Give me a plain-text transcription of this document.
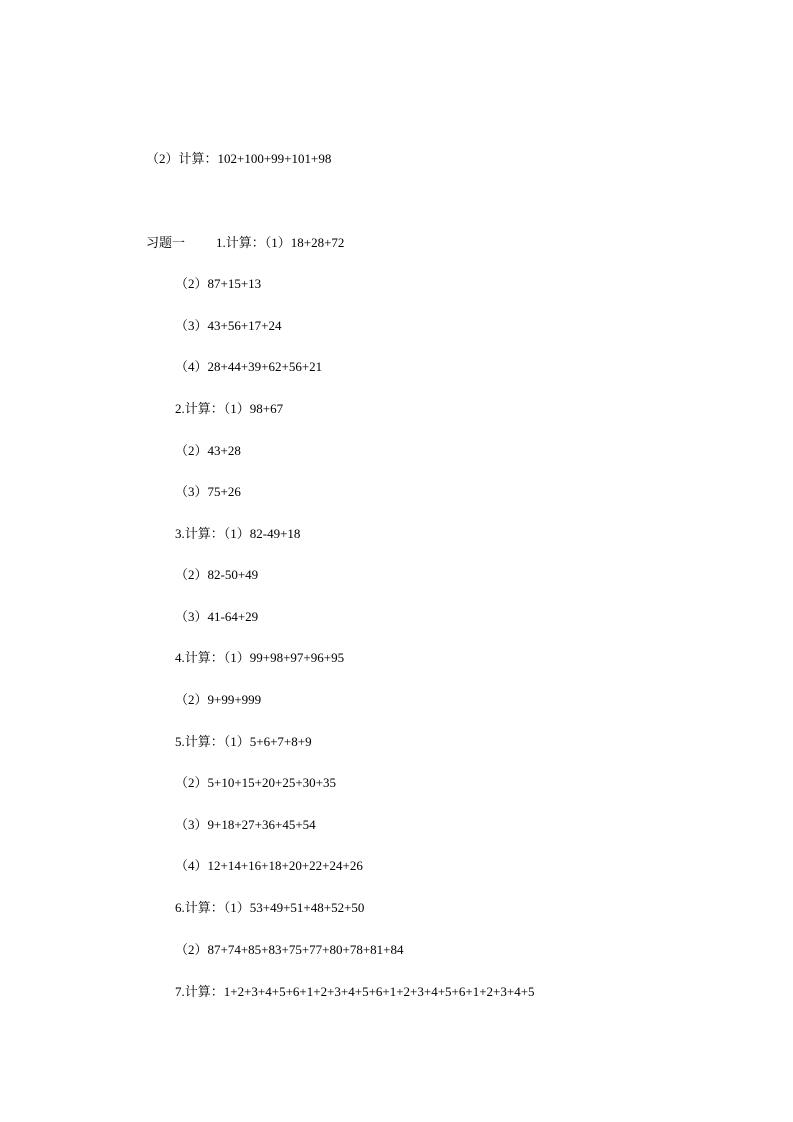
（2）计算：102+100+99+101+98
习题一 1.计算：（1）18+28+72
（2）87+15+13
（3）43+56+17+24
（4）28+44+39+62+56+21
2.计算：（1）98+67
（2）43+28
（3）75+26
3.计算：（1）82-49+18
（2）82-50+49
（3）41-64+29
4.计算：（1）99+98+97+96+95
（2）9+99+999
5.计算：（1）5+6+7+8+9
（2）5+10+15+20+25+30+35
（3）9+18+27+36+45+54
（4）12+14+16+18+20+22+24+26
6.计算：（1）53+49+51+48+52+50
（2）87+74+85+83+75+77+80+78+81+84
7.计算：1+2+3+4+5+6+1+2+3+4+5+6+1+2+3+4+5+6+1+2+3+4+5
